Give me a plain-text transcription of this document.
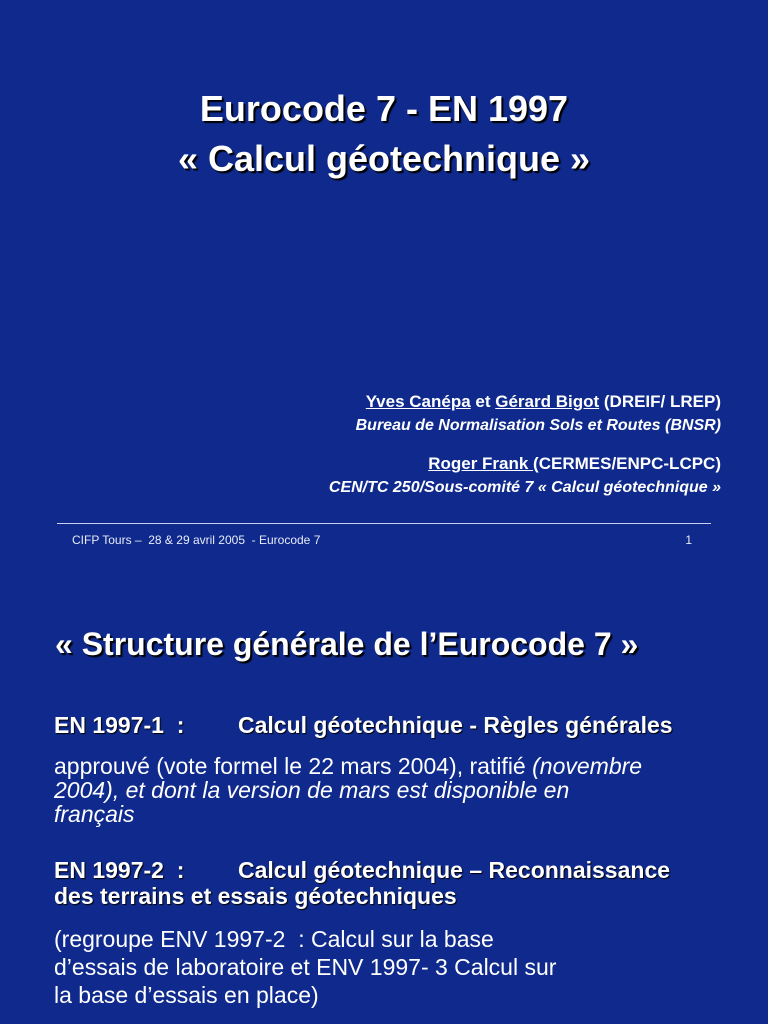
Eurocode 7 - EN 1997
« Calcul géotechnique »
Yves Canépa et Gérard Bigot (DREIF/ LREP)
Bureau de Normalisation Sols et Routes (BNSR)
Roger Frank (CERMES/ENPC-LCPC)
CEN/TC 250/Sous-comité 7 « Calcul géotechnique »
CIFP Tours –  28 & 29 avril 2005  - Eurocode 7	1
« Structure générale de l’Eurocode 7 »
EN 1997-1  : Calcul géotechnique - Règles générales
approuvé (vote formel le 22 mars 2004), ratifié (novembre
2004), et dont la version de mars est disponible en
français
EN 1997-2  : Calcul géotechnique – Reconnaissance
des terrains et essais géotechniques
(regroupe ENV 1997-2  : Calcul sur la base
d’essais de laboratoire et ENV 1997- 3 Calcul sur
la base d’essais en place)
